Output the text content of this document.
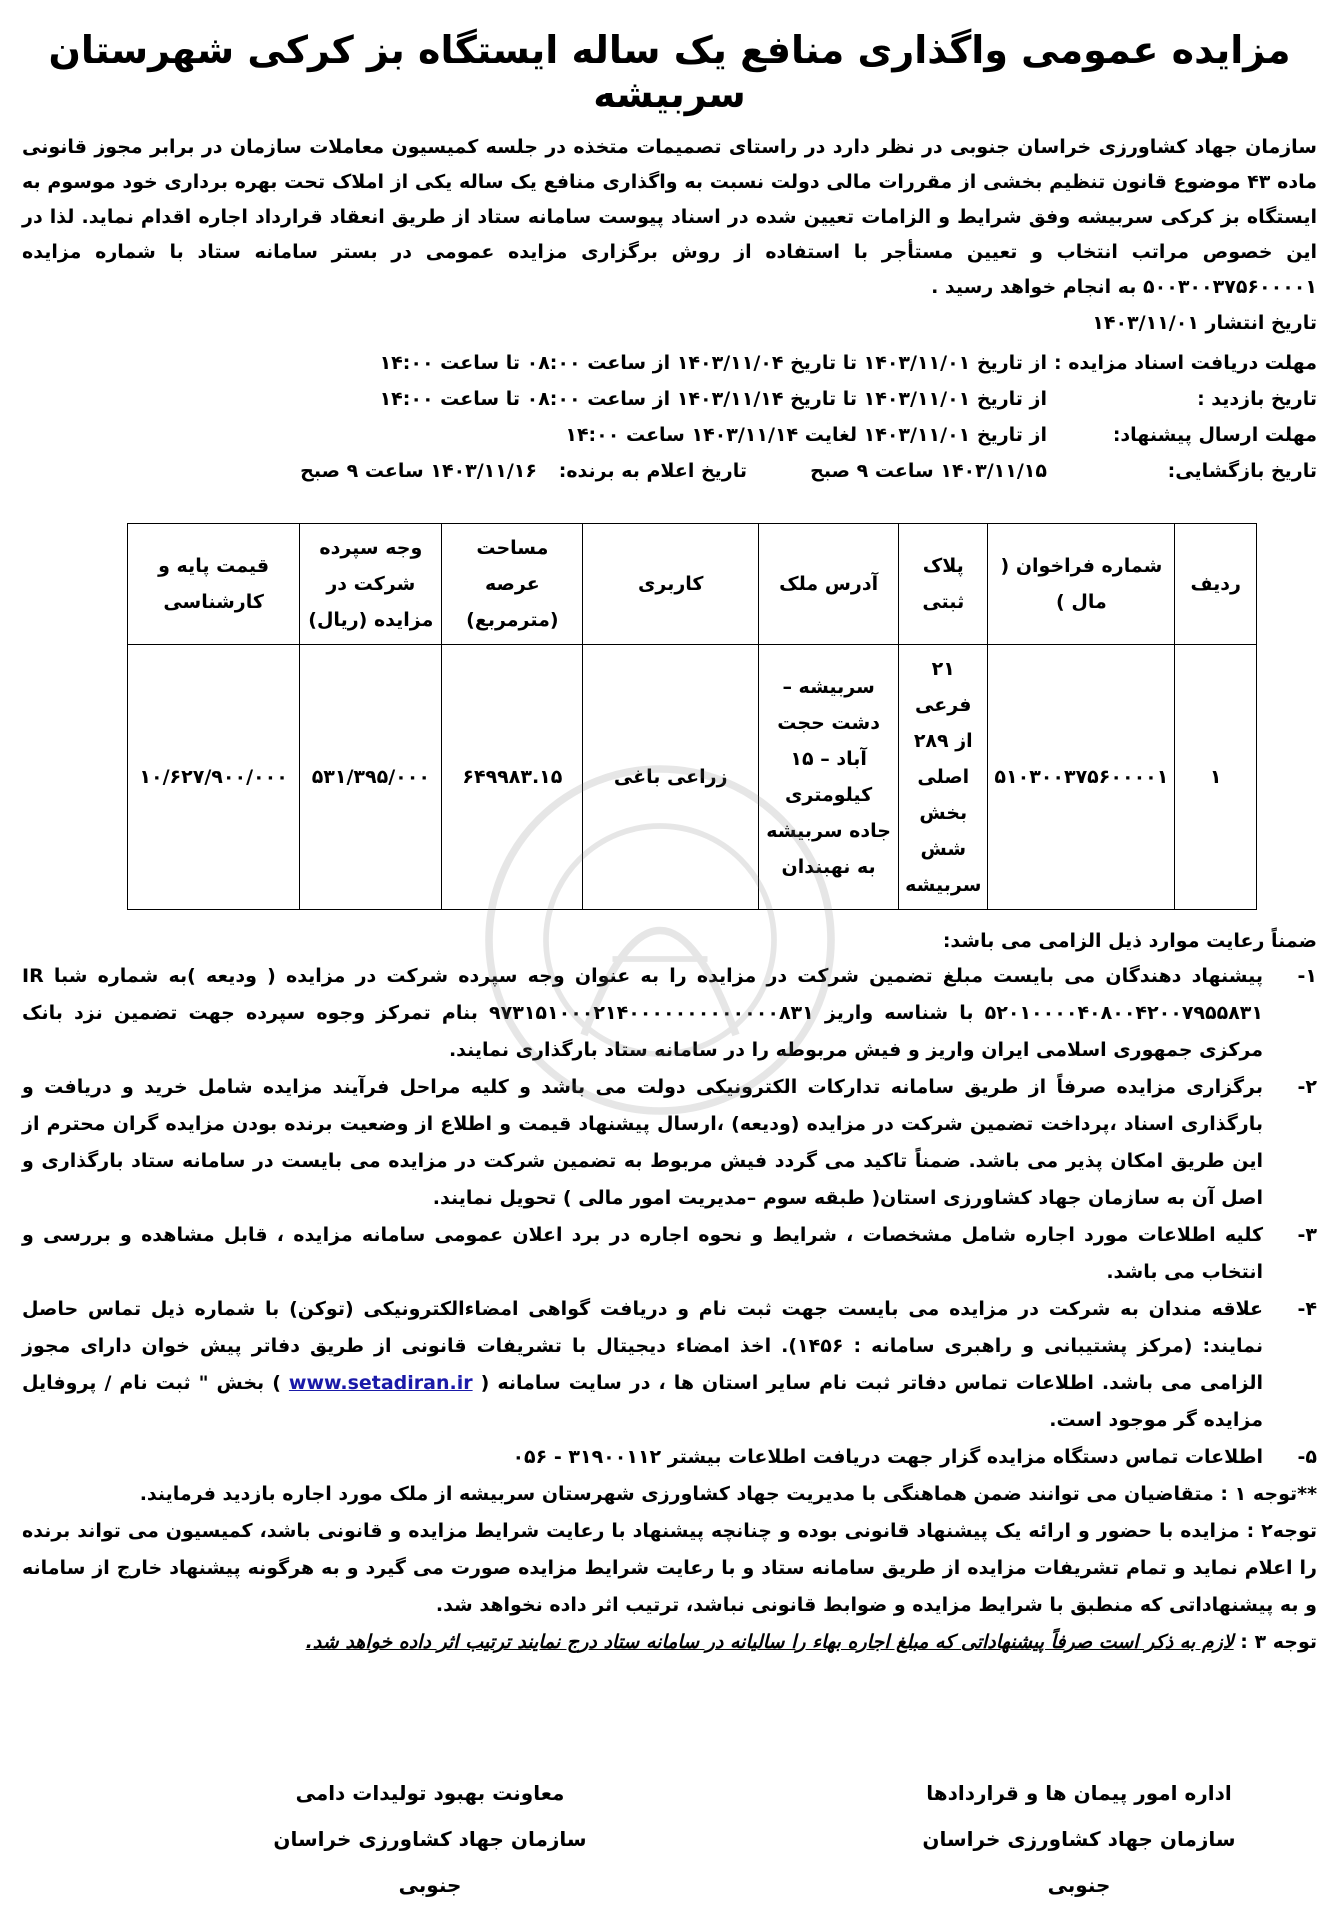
مزایده عمومی واگذاری منافع یک ساله ایستگاه بز کرکی شهرستان سربیشه

سازمان جهاد کشاورزی خراسان جنوبی در نظر دارد در راستای تصمیمات متخذه در جلسه کمیسیون معاملات سازمان در برابر مجوز قانونی ماده ۴۳ موضوع قانون تنظیم بخشی از مقررات مالی دولت نسبت به واگذاری منافع یک ساله یکی از املاک تحت بهره برداری خود موسوم به ایستگاه بز کرکی سربیشه وفق شرایط و الزامات تعیین شده در اسناد پیوست سامانه ستاد از طریق انعقاد قرارداد اجاره اقدام نماید. لذا در این خصوص مراتب انتخاب و تعیین مستأجر با استفاده از روش برگزاری مزایده عمومی در بستر سامانه ستاد با شماره مزایده ۵۰۰۳۰۰۳۷۵۶۰۰۰۰۱ به انجام خواهد رسید .

تاریخ انتشار ۱۴۰۳/۱۱/۰۱
مهلت دریافت اسناد مزایده :
از تاریخ ۱۴۰۳/۱۱/۰۱ تا تاریخ ۱۴۰۳/۱۱/۰۴ از ساعت ۰۸:۰۰ تا ساعت ۱۴:۰۰
تاریخ بازدید :
از تاریخ ۱۴۰۳/۱۱/۰۱ تا تاریخ ۱۴۰۳/۱۱/۱۴ از ساعت ۰۸:۰۰ تا ساعت ۱۴:۰۰
مهلت ارسال پیشنهاد:
از تاریخ ۱۴۰۳/۱۱/۰۱ لغایت ۱۴۰۳/۱۱/۱۴ ساعت ۱۴:۰۰
تاریخ بازگشایی:
۱۴۰۳/۱۱/۱۵ ساعت ۹ صبح
تاریخ اعلام به برنده:
۱۴۰۳/۱۱/۱۶ ساعت ۹ صبح
ردیف	شماره فراخوان ( مال )	پلاک ثبتی	آدرس ملک	کاربری	مساحت عرصه (مترمربع)	وجه سپرده شرکت در مزایده (ریال)	قیمت پایه و کارشناسی
۱	۵۱۰۳۰۰۳۷۵۶۰۰۰۰۱	۲۱ فرعی از ۲۸۹ اصلی بخش شش سربیشه	سربیشه – دشت حجت آباد – ۱۵ کیلومتری جاده سربیشه به نهبندان	زراعی باغی	۶۴۹۹۸۳.۱۵	۵۳۱/۳۹۵/۰۰۰	۱۰/۶۲۷/۹۰۰/۰۰۰
ضمناً رعایت موارد ذیل الزامی می باشد:
۱-
پیشنهاد دهندگان می بایست مبلغ تضمین شرکت در مزایده را به عنوان وجه سپرده شرکت در مزایده ( ودیعه )به شماره شبا IR ۵۲۰۱۰۰۰۰۴۰۸۰۰۴۲۰۰۷۹۵۵۸۳۱ با شناسه واریز ۹۷۳۱۵۱۰۰۰۲۱۴۰۰۰۰۰۰۰۰۰۰۰۰۰۸۳۱ بنام تمرکز وجوه سپرده جهت تضمین نزد بانک مرکزی جمهوری اسلامی ایران واریز و فیش مربوطه را در سامانه ستاد بارگذاری نمایند.
۲-
برگزاری مزایده صرفاً از طریق سامانه تدارکات الکترونیکی دولت می باشد و کلیه مراحل فرآیند مزایده شامل خرید و دریافت و بارگذاری اسناد ،پرداخت تضمین شرکت در مزایده (ودیعه) ،ارسال پیشنهاد قیمت و اطلاع از وضعیت برنده بودن مزایده گران محترم از این طریق امکان پذیر می باشد. ضمناً تاکید می گردد فیش مربوط به تضمین شرکت در مزایده می بایست در سامانه ستاد بارگذاری و اصل آن به سازمان جهاد کشاورزی استان( طبقه سوم –مدیریت امور مالی ) تحویل نمایند.
۳-
کلیه اطلاعات مورد اجاره شامل مشخصات ، شرایط و نحوه اجاره در برد اعلان عمومی سامانه مزایده ، قابل مشاهده و بررسی و انتخاب می باشد.
۴-
علاقه مندان به شرکت در مزایده می بایست جهت ثبت نام و دریافت گواهی امضاءالکترونیکی (توکن) با شماره ذیل تماس حاصل نمایند: (مرکز پشتیبانی و راهبری سامانه : ۱۴۵۶). اخذ امضاء دیجیتال با تشریفات قانونی از طریق دفاتر پیش خوان دارای مجوز الزامی می باشد. اطلاعات تماس دفاتر ثبت نام سایر استان ها ، در سایت سامانه ( www.setadiran.ir ) بخش " ثبت نام / پروفایل مزایده گر موجود است.
۵-
اطلاعات تماس دستگاه مزایده گزار جهت دریافت اطلاعات بیشتر ۳۱۹۰۰۱۱۲ - ۰۵۶
**توجه ۱ : متقاضیان می توانند ضمن هماهنگی با مدیریت جهاد کشاورزی شهرستان سربیشه از ملک مورد اجاره بازدید فرمایند.
توجه۲ : مزایده با حضور و ارائه یک پیشنهاد قانونی بوده و چنانچه پیشنهاد با رعایت شرایط مزایده و قانونی باشد، کمیسیون می تواند برنده را اعلام نماید و تمام تشریفات مزایده از طریق سامانه ستاد و با رعایت شرایط مزایده صورت می گیرد و به هرگونه پیشنهاد خارج از سامانه و به پیشنهاداتی که منطبق با شرایط مزایده و ضوابط قانونی نباشد، ترتیب اثر داده نخواهد شد.
توجه ۳ : لازم به ذکر است صرفاً پیشنهاداتی که مبلغ اجاره بهاء را سالیانه در سامانه ستاد درج نمایند ترتیب اثر داده خواهد شد.
اداره امور پیمان ها و قراردادها
سازمان جهاد کشاورزی خراسان جنوبی
معاونت بهبود تولیدات دامی
سازمان جهاد کشاورزی خراسان جنوبی
